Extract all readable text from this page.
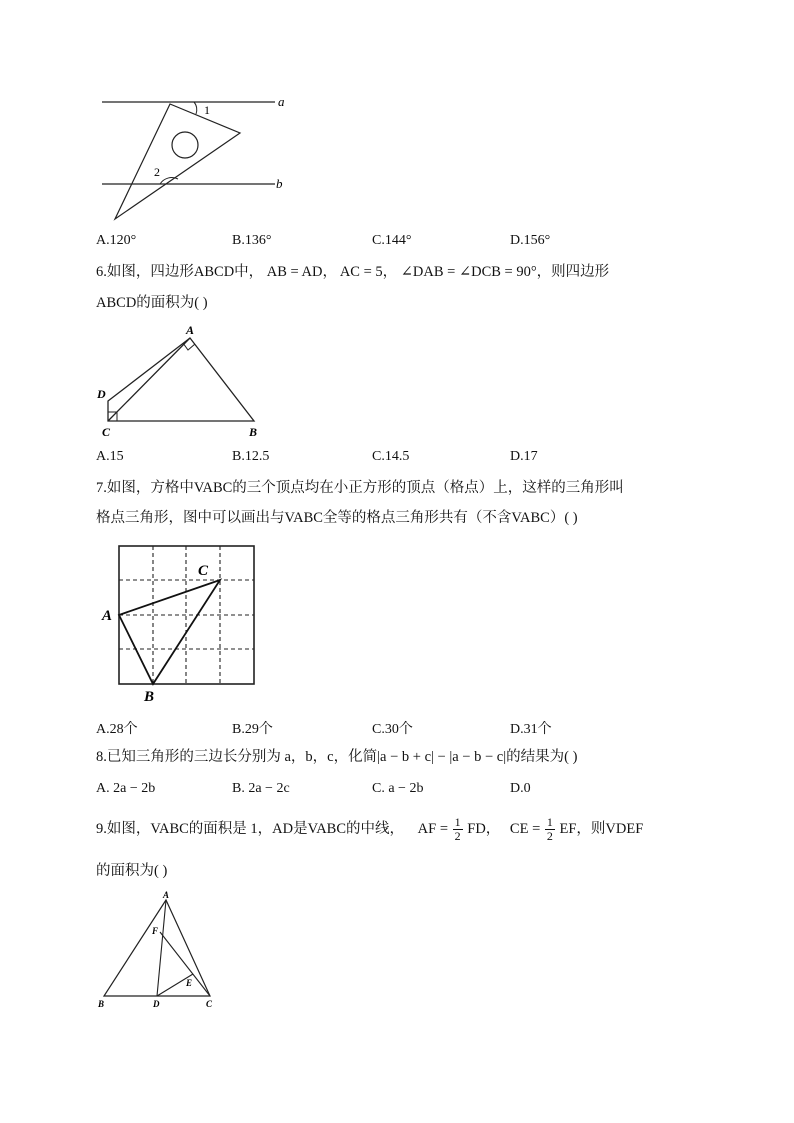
1
2
a
b
A.120°	B.136°	C.144°	D.156°
6.如图，四边形ABCD中， AB = AD， AC = 5， ∠DAB = ∠DCB = 90°，则四边形
ABCD的面积为( )
A
D
C	B
A.15	B.12.5	C.14.5	D.17
7.如图，方格中VABC的三个顶点均在小正方形的顶点（格点）上，这样的三角形叫
格点三角形，图中可以画出与VABC全等的格点三角形共有（不含VABC）( )
A
C
B
A.28个	B.29个	C.30个	D.31个
8.已知三角形的三边长分别为 a，b，c，化简|a − b + c| − |a − b − c|的结果为( )
A. 2a − 2b	B. 2a − 2c	C. a − 2b	D.0
9.如图，VABC的面积是 1，AD是VABC的中线， AF = $\frac{1}{2}$ FD， CE = $\frac{1}{2}$ EF，则VDEF
的面积为( )
A
F
E
B	D	C
